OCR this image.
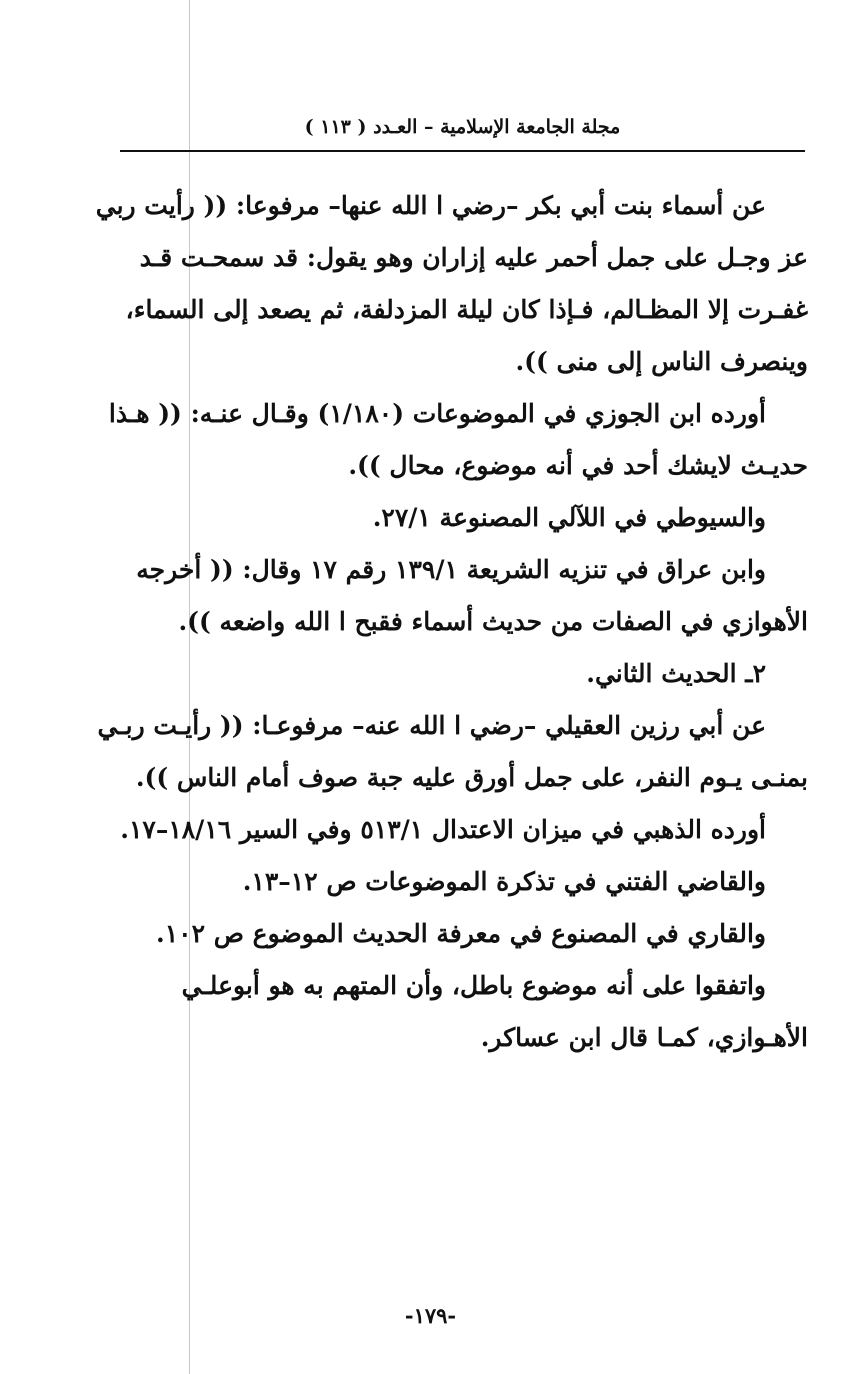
مجلة الجامعة الإسلامية – العـدد ( ١١٣ )

عن أسماء بنت أبي بكر –رضي ا الله عنها– مرفوعا: (( رأيت ربي عز وجـل على جمل أحمر عليه إزاران وهو يقول: قد سمحـت قـد غفـرت إلا المظـالم، فـإذا كان ليلة المزدلفة، ثم يصعد إلى السماء، وينصرف الناس إلى منى )).

أورده ابن الجوزي في الموضوعات (١/١٨٠) وقـال عنـه: (( هـذا حديـث لايشك أحد في أنه موضوع، محال )).

والسيوطي في اللآلي المصنوعة ٢٧/١.

وابن عراق في تنزيه الشريعة ١٣٩/١ رقم ١٧ وقال: (( أخرجه الأهوازي في الصفات من حديث أسماء فقبح ا الله واضعه )).

٢ـ الحديث الثاني.

عن أبي رزين العقيلي –رضي ا الله عنه– مرفوعـا: (( رأيـت ربـي بمنـى يـوم النفر، على جمل أورق عليه جبة صوف أمام الناس )).

أورده الذهبي في ميزان الاعتدال ٥١٣/١ وفي السير ١٨/١٦–١٧.

والقاضي الفتني في تذكرة الموضوعات ص ١٢–١٣.

والقاري في المصنوع في معرفة الحديث الموضوع ص ١٠٢.

واتفقوا على أنه موضوع باطل، وأن المتهم به هو أبوعلـي الأهـوازي، كمـا قال ابن عساكر.

-١٧٩-
